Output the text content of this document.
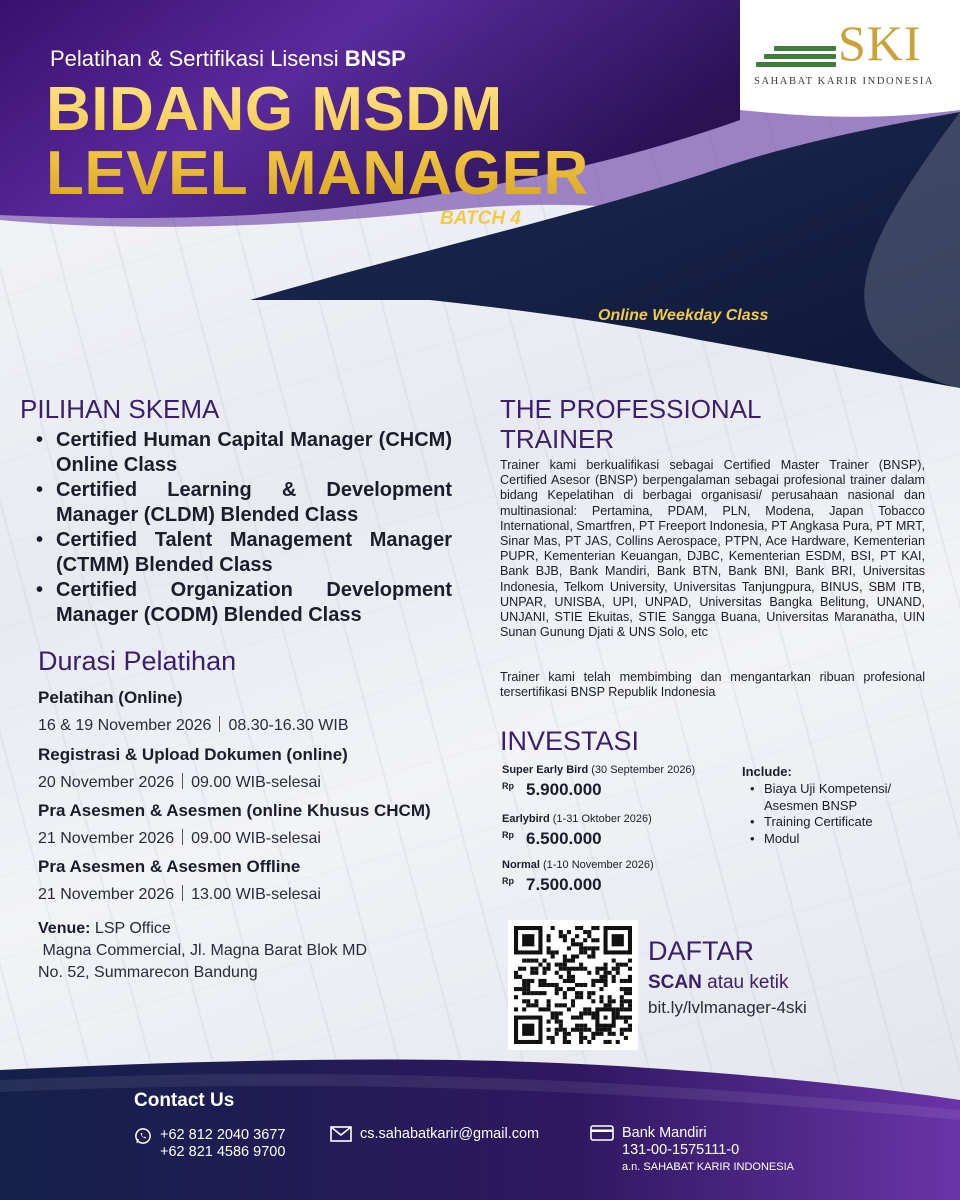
Pelatihan & Sertifikasi Lisensi BNSP
BIDANG MSDM
LEVEL MANAGER
BATCH 4
Online Weekday Class
SKI
SAHABAT KARIR INDONESIA
PILIHAN SKEMA
• Certified Human Capital Manager (CHCM) Online Class
• Certified Learning & Development Manager (CLDM) Blended Class
• Certified Talent Management Manager (CTMM) Blended Class
• Certified Organization Development Manager (CODM) Blended Class
Durasi Pelatihan
Pelatihan (Online)
16 & 19 November 2026 08.30-16.30 WIB
Registrasi & Upload Dokumen (online)
20 November 2026 09.00 WIB-selesai
Pra Asesmen & Asesmen (online Khusus CHCM)
21 November 2026 09.00 WIB-selesai
Pra Asesmen & Asesmen Offline
21 November 2026 13.00 WIB-selesai
Venue: LSP Office
Magna Commercial, Jl. Magna Barat Blok MD
No. 52, Summarecon Bandung
THE PROFESSIONAL
TRAINER
Trainer kami berkualifikasi sebagai Certified Master Trainer (BNSP), Certified Asesor (BNSP) berpengalaman sebagai profesional trainer dalam bidang Kepelatihan di berbagai organisasi/ perusahaan nasional dan multinasional: Pertamina, PDAM, PLN, Modena, Japan Tobacco International, Smartfren, PT Freeport Indonesia, PT Angkasa Pura, PT MRT, Sinar Mas, PT JAS, Collins Aerospace, PTPN, Ace Hardware, Kementerian PUPR, Kementerian Keuangan, DJBC, Kementerian ESDM, BSI, PT KAI, Bank BJB, Bank Mandiri, Bank BTN, Bank BNI, Bank BRI, Universitas Indonesia, Telkom University, Universitas Tanjungpura, BINUS, SBM ITB, UNPAR, UNISBA, UPI, UNPAD, Universitas Bangka Belitung, UNAND, UNJANI, STIE Ekuitas, STIE Sangga Buana, Universitas Maranatha, UIN Sunan Gunung Djati & UNS Solo, etc
Trainer kami telah membimbing dan mengantarkan ribuan profesional tersertifikasi BNSP Republik Indonesia
INVESTASI
Super Early Bird (30 September 2026)
$^{Rp}$ 5.900.000
Earlybird (1-31 Oktober 2026)
$^{Rp}$ 6.500.000
Normal (1-10 November 2026)
$^{Rp}$ 7.500.000
Include:
• Biaya Uji Kompetensi/ Asesmen BNSP
• Training Certificate
• Modul
DAFTAR
SCAN atau ketik
bit.ly/lvlmanager-4ski
Contact Us
+62 812 2040 3677
+62 821 4586 9700
cs.sahabatkarir@gmail.com	Bank Mandiri
131-00-1575111-0
a.n. SAHABAT KARIR INDONESIA
